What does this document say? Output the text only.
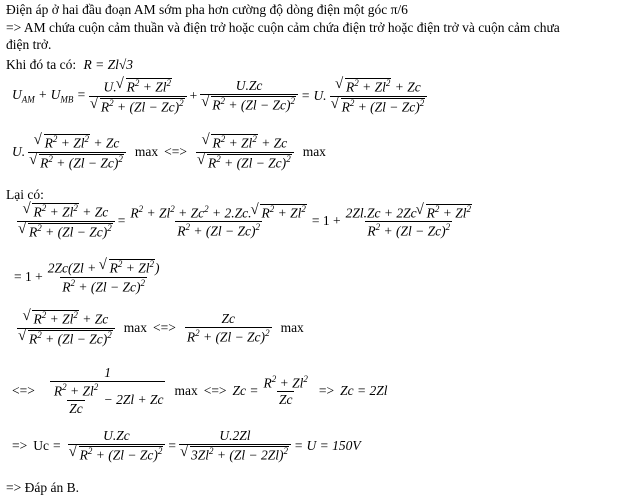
Điện áp ở hai đầu đoạn AM sớm pha hơn cường độ dòng điện một góc π/6
=> AM chứa cuộn cảm thuần và điện trở hoặc cuộn cảm chứa điện trở hoặc điện trở và cuộn cảm chưa
điện trở.
Khi đó ta có: R = Zl√3
$U_{AM} + U_{MB} = U.√$ $R^2 + Zl^2$
√ $R^2 + (Zl - Zc)^2 + U.Zc$
√ $R^2 + (Zl - Zc)^2 = U$.
√ $R^2 + Zl^2 + Zc$
√ $R^2 + (Zl - Zc)^2$
U.
√ $R^2 + Zl^2 + Zc$
√ $R^2 + (Zl - Zc)^2$ max <=>
√ $R^2 + Zl^2 + Zc$
√ $R^2 + (Zl - Zc)^2$ max
Lại có:
√ $R^2 + Zl^2 + Zc$
√ $R^2 + (Zl - Zc)^2 = \frac{R^2 + Zl^2 + Zc^2 + 2.Zc.√ R^2 + Zl^2}{R^2 + (Zl - Zc)^2} = 1 + \frac{2Zl.Zc + 2Zc√ R^2 + Zl^2}{R^2 + (Zl - Zc)^2}$
= $1 + \frac{2Zc(Zl + √ R^2 + Zl^2)}{R^2 + (Zl - Zc)^2}$
√ $R^2 + Zl^2 + Zc$
√ $R^2 + (Zl - Zc)^2$ max <=> $\frac{Zc}{R^2 + (Zl - Zc)^2}$ max
<=> $\frac{1}{\frac{R^2 + Zl^2}{Zc} - 2Zl + Zc}$ max <=> $Zc = \frac{R^2 + Zl^2}{Zc} => Zc = 2Zl$
=> Uc = U.Zc
√ $R^2 + (Zl - Zc)^2 = U.2Zl$
√ $3Zl^2 + (Zl - 2Zl)^2 = U = 150V$
=> Đáp án B.
